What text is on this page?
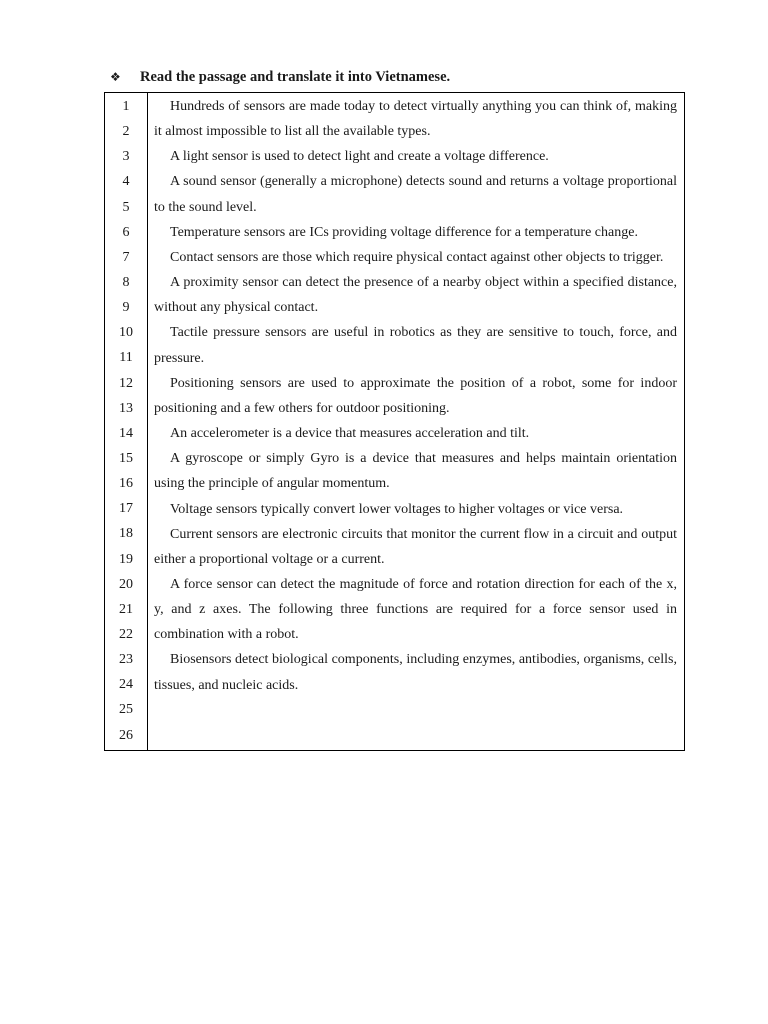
❖ Read the passage and translate it into Vietnamese.
1
2
3
4
5
6
7
8
9
10
11
12
13
14
15
16
17
18
19
20
21
22
23
24
25
26

Hundreds of sensors are made today to detect virtually anything you can think of, making it almost impossible to list all the available types.

A light sensor is used to detect light and create a voltage difference.

A sound sensor (generally a microphone) detects sound and returns a voltage proportional to the sound level.

Temperature sensors are ICs providing voltage difference for a temperature change.

Contact sensors are those which require physical contact against other objects to trigger.

A proximity sensor can detect the presence of a nearby object within a specified distance, without any physical contact.

Tactile pressure sensors are useful in robotics as they are sensitive to touch, force, and pressure.

Positioning sensors are used to approximate the position of a robot, some for indoor positioning and a few others for outdoor positioning.

An accelerometer is a device that measures acceleration and tilt.

A gyroscope or simply Gyro is a device that measures and helps maintain orientation using the principle of angular momentum.

Voltage sensors typically convert lower voltages to higher voltages or vice versa.

Current sensors are electronic circuits that monitor the current flow in a circuit and output either a proportional voltage or a current.

A force sensor can detect the magnitude of force and rotation direction for each of the x, y, and z axes. The following three functions are required for a force sensor used in combination with a robot.

Biosensors detect biological components, including enzymes, antibodies, organisms, cells, tissues, and nucleic acids.
